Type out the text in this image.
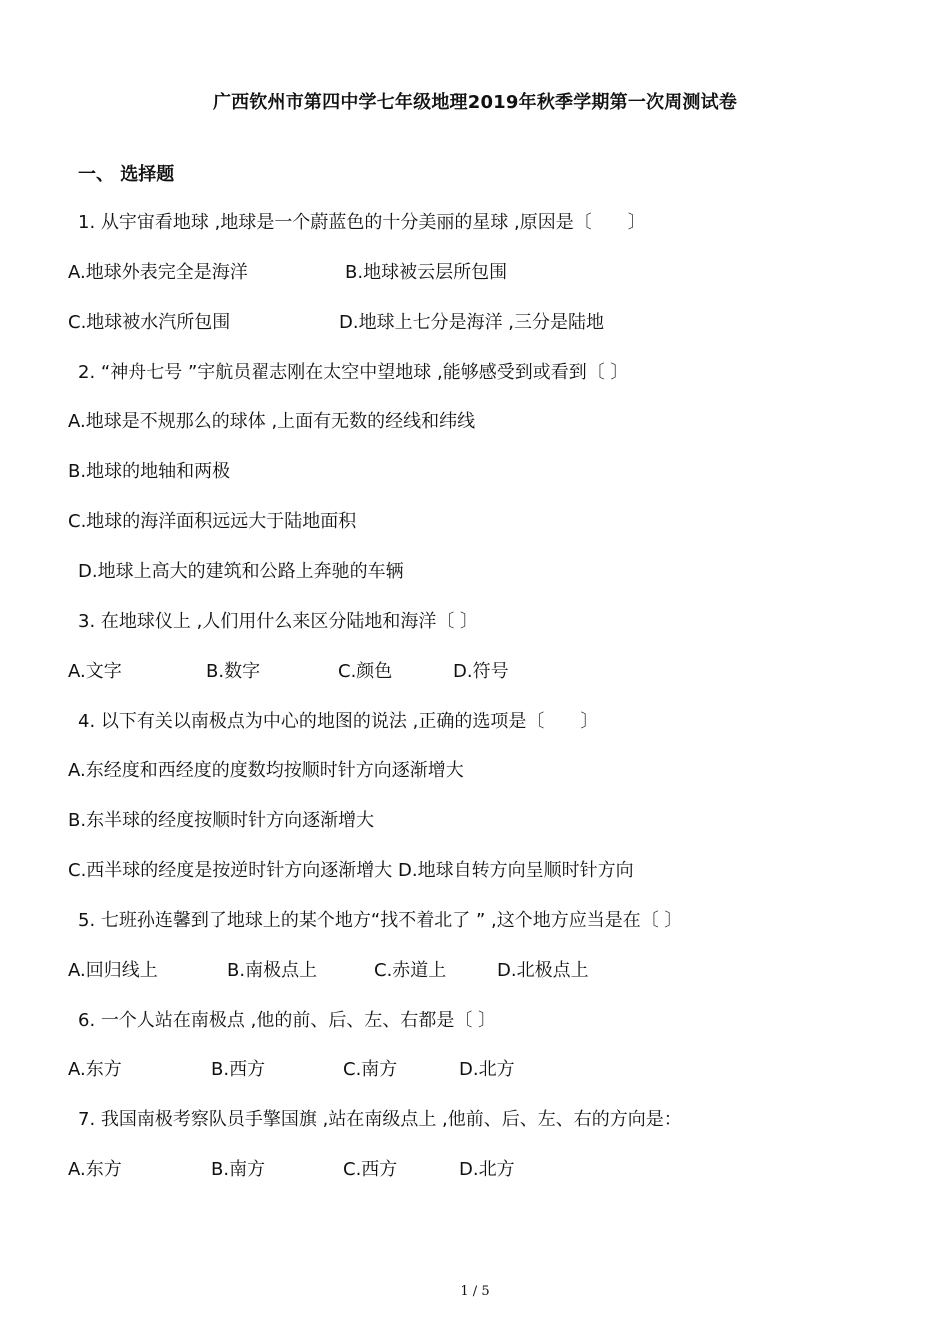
广西钦州市第四中学七年级地理2019年秋季学期第一次周测试卷
一、 选择题
1. 从宇宙看地球 ,地球是一个蔚蓝色的十分美丽的星球 ,原因是〔　　〕
A.地球外表完全是海洋	B.地球被云层所包围
C.地球被水汽所包围	D.地球上七分是海洋 ,三分是陆地
2. “神舟七号 ”宇航员翟志刚在太空中望地球 ,能够感受到或看到〔 〕
A.地球是不规那么的球体 ,上面有无数的经线和纬线
B.地球的地轴和两极
C.地球的海洋面积远远大于陆地面积
D.地球上高大的建筑和公路上奔驰的车辆
3. 在地球仪上 ,人们用什么来区分陆地和海洋〔 〕
A.文字	B.数字	C.颜色	D.符号
4. 以下有关以南极点为中心的地图的说法 ,正确的选项是〔　　〕
A.东经度和西经度的度数均按顺时针方向逐渐增大
B.东半球的经度按顺时针方向逐渐增大
C.西半球的经度是按逆时针方向逐渐增大 D.地球自转方向呈顺时针方向
5. 七班孙连馨到了地球上的某个地方“找不着北了 ” ,这个地方应当是在〔 〕
A.回归线上	B.南极点上	C.赤道上	D.北极点上
6. 一个人站在南极点 ,他的前、后、左、右都是〔 〕
A.东方	B.西方	C.南方	D.北方
7. 我国南极考察队员手擎国旗 ,站在南级点上 ,他前、后、左、右的方向是：
A.东方	B.南方	C.西方	D.北方
1 / 5
